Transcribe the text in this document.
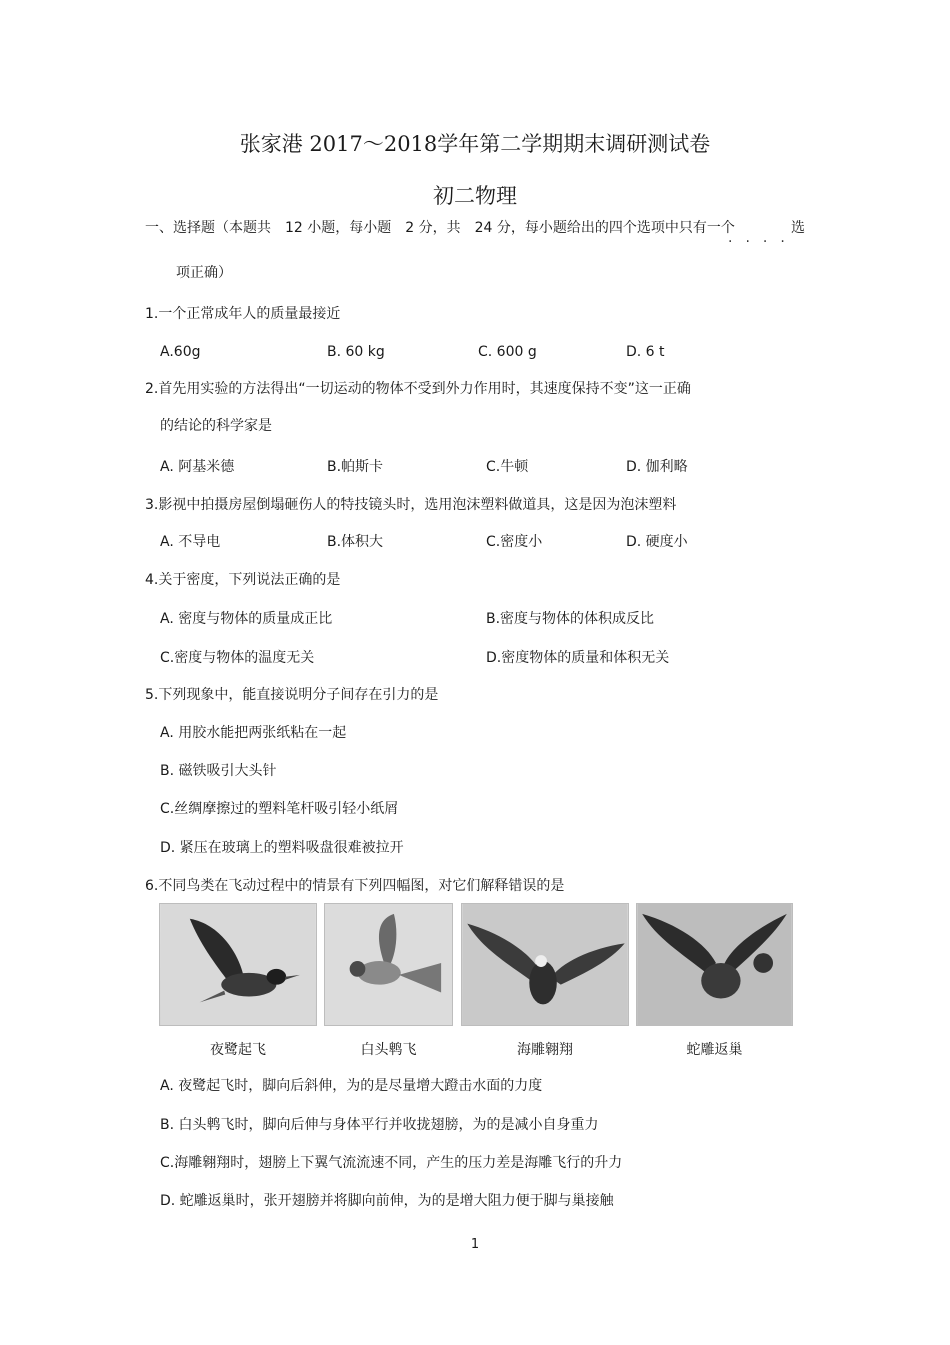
张家港 2017～2018学年第二学期期末调研测试卷
初二物理
一、选择题（本题共　12 小题，每小题　2 分，共　24 分，每小题给出的四个选项中只有一个	选
····
项正确）
1.一个正常成年人的质量最接近
A.60g	B. 60 kg	C. 600 g	D. 6 t
2.首先用实验的方法得出“一切运动的物体不受到外力作用时，其速度保持不变”这一正确
的结论的科学家是
A. 阿基米德	B.帕斯卡	C.牛顿	D. 伽利略
3.影视中拍摄房屋倒塌砸伤人的特技镜头时，选用泡沫塑料做道具，这是因为泡沫塑料
A. 不导电	B.体积大	C.密度小	D. 硬度小
4.关于密度，下列说法正确的是
A. 密度与物体的质量成正比	B.密度与物体的体积成反比
C.密度与物体的温度无关	D.密度物体的质量和体积无关
5.下列现象中，能直接说明分子间存在引力的是
A. 用胶水能把两张纸粘在一起
B. 磁铁吸引大头针
C.丝绸摩擦过的塑料笔杆吸引轻小纸屑
D. 紧压在玻璃上的塑料吸盘很难被拉开
6.不同鸟类在飞动过程中的情景有下列四幅图，对它们解释错误的是
夜鹭起飞	白头鹎飞	海雕翱翔	蛇雕返巢
A. 夜鹭起飞时，脚向后斜伸，为的是尽量增大蹬击水面的力度
B. 白头鹎飞时，脚向后伸与身体平行并收拢翅膀，为的是减小自身重力
C.海雕翱翔时，翅膀上下翼气流流速不同，产生的压力差是海雕飞行的升力
D. 蛇雕返巢时，张开翅膀并将脚向前伸，为的是增大阻力便于脚与巢接触
1
